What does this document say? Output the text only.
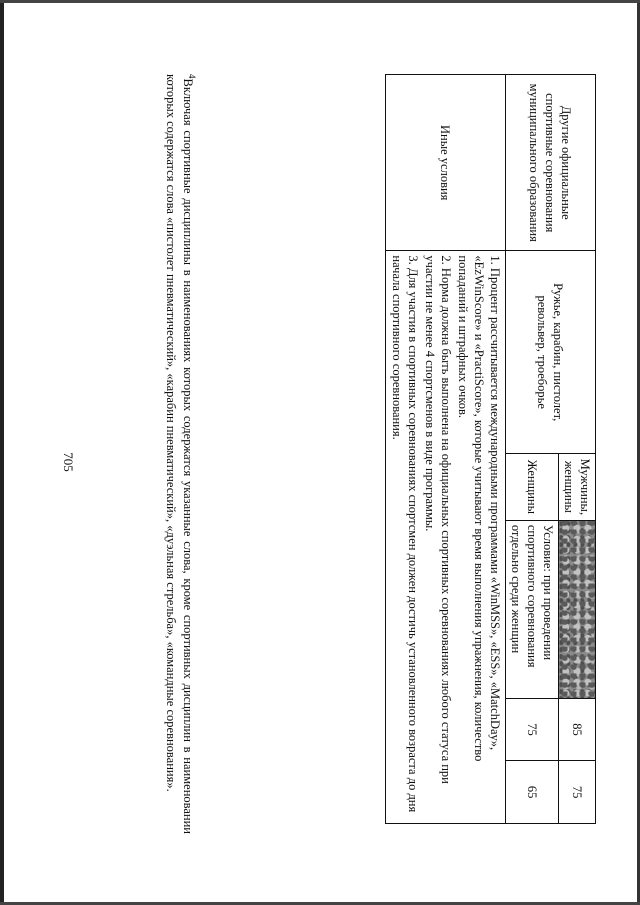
705
Другие официальные спортивные соревнования муниципального образования	Ружье, карабин, пистолет, револьвер, троеборье	Мужчины, женщины		85	75
		Женщины	Условие: при проведении спортивного соревнования отдельно среди женщин	75	65
Иные условия	1. Процент рассчитывается международными программами «WinMSS», «ESS», «MatchDay», «EzWinScore» и «PractiScore», которые учитывают время выполнения упражнения, количество попаданий и штрафных очков.

2. Норма должна быть выполнена на официальных спортивных соревнованиях любого статуса при участии не менее 4 спортсменов в виде программы.

3. Для участия в спортивных соревнованиях спортсмен должен достичь установленного возраста до дня начала спортивного соревнования.				

$^4$Включая спортивные дисциплины в наименованиях которых содержатся указанные слова, кроме спортивных дисциплин в наименовании которых содержатся слова «пистолет пневматический», «карабин пневматический», «дуэльная стрельба», «командные соревнования».
